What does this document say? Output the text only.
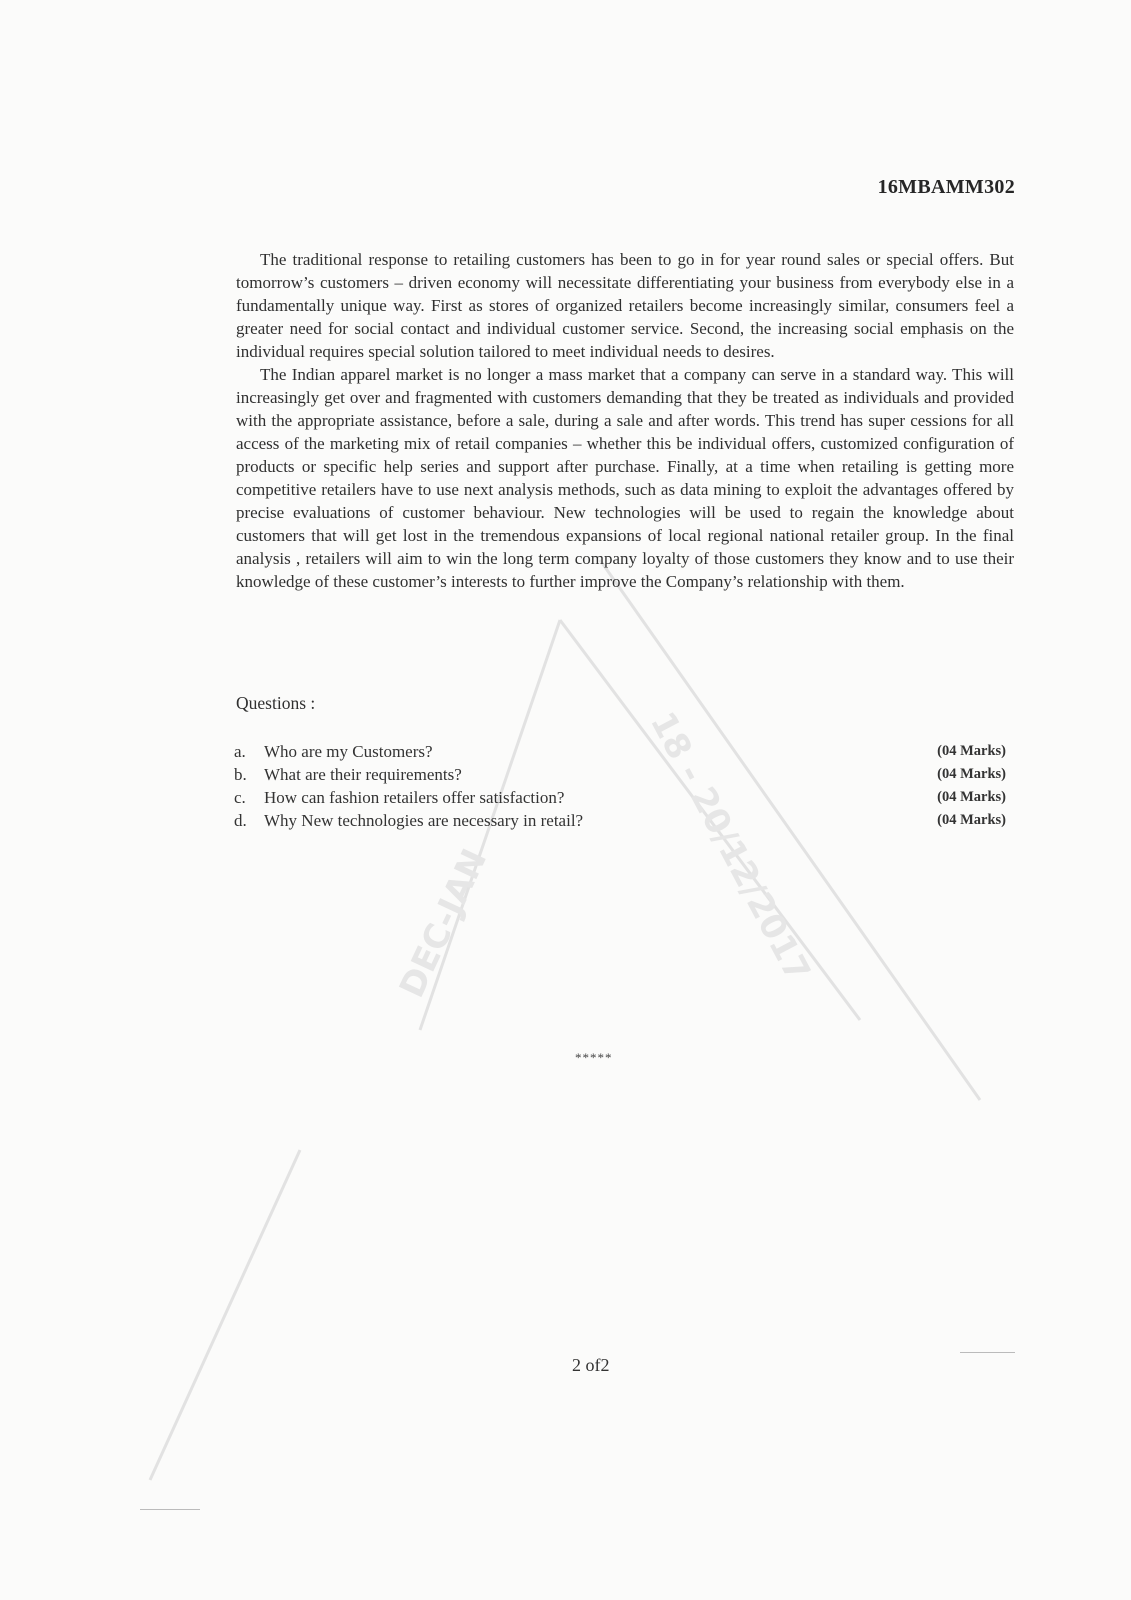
18 - 20/12/2017
DEC-JAN
16MBAMM302

The traditional response to retailing customers has been to go in for year round sales or special offers. But tomorrow’s customers – driven economy will necessitate differentiating your business from everybody else in a fundamentally unique way. First as stores of organized retailers become increasingly similar, consumers feel a greater need for social contact and individual customer service. Second, the increasing social emphasis on the individual requires special solution tailored to meet individual needs to desires.

The Indian apparel market is no longer a mass market that a company can serve in a standard way. This will increasingly get over and fragmented with customers demanding that they be treated as individuals and provided with the appropriate assistance, before a sale, during a sale and after words. This trend has super cessions for all access of the marketing mix of retail companies – whether this be individual offers, customized configuration of products or specific help series and support after purchase. Finally, at a time when retailing is getting more competitive retailers have to use next analysis methods, such as data mining to exploit the advantages offered by precise evaluations of customer behaviour. New technologies will be used to regain the knowledge about customers that will get lost in the tremendous expansions of local regional national retailer group. In the final analysis , retailers will aim to win the long term company loyalty of those customers they know and to use their knowledge of these customer’s interests to further improve the Company’s relationship with them.

Questions :
a.	Who are my Customers?	(04 Marks)
b.	What are their requirements?	(04 Marks)
c.	How can fashion retailers offer satisfaction?	(04 Marks)
d.	Why New technologies are necessary in retail?	(04 Marks)
*****
2 of2
